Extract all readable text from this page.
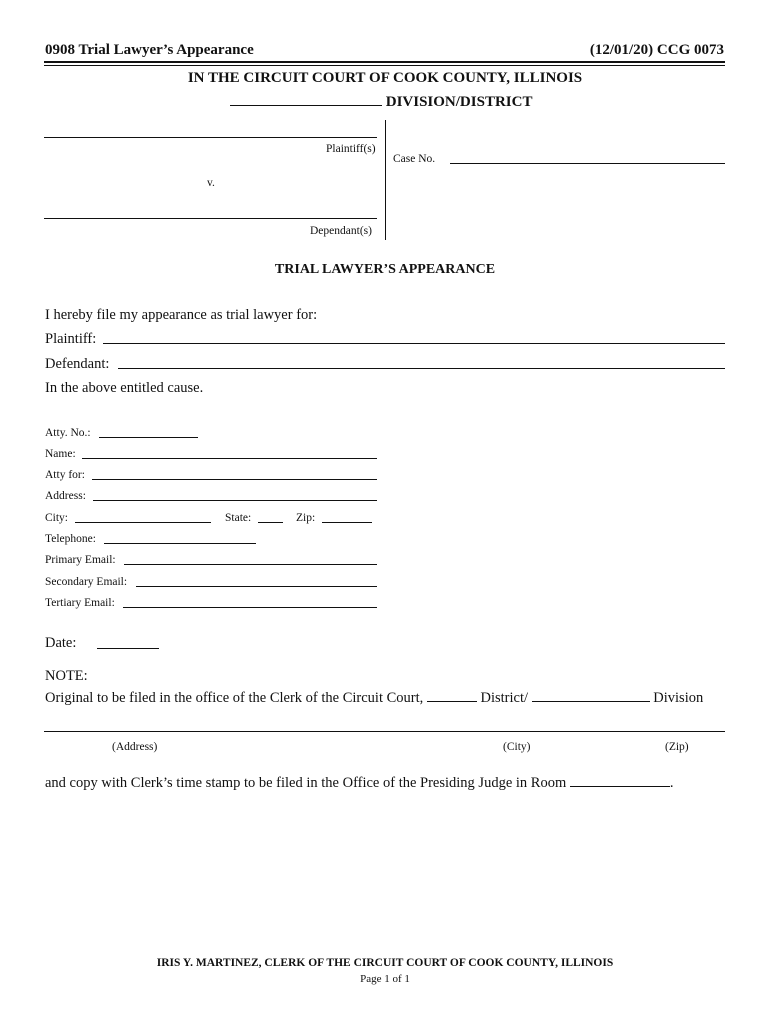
0908 Trial Lawyer’s Appearance	(12/01/20) CCG 0073
IN THE CIRCUIT COURT OF COOK COUNTY, ILLINOIS
DIVISION/DISTRICT
Plaintiff(s)
v.
Dependant(s)
Case No.
TRIAL LAWYER’S APPEARANCE
I hereby file my appearance as trial lawyer for:
Plaintiff:
Defendant:
In the above entitled cause.
Atty. No.:
Name:
Atty for:
Address:
City:	State:	Zip:
Telephone:
Primary Email:
Secondary Email:
Tertiary Email:
Date:
NOTE:
Original to be filed in the office of the Clerk of the Circuit Court,	District/	Division
(Address)	(City)	(Zip)
and copy with Clerk’s time stamp to be filed in the Office of the Presiding Judge in Room	.
IRIS Y. MARTINEZ, CLERK OF THE CIRCUIT COURT OF COOK COUNTY, ILLINOIS
Page 1 of 1
